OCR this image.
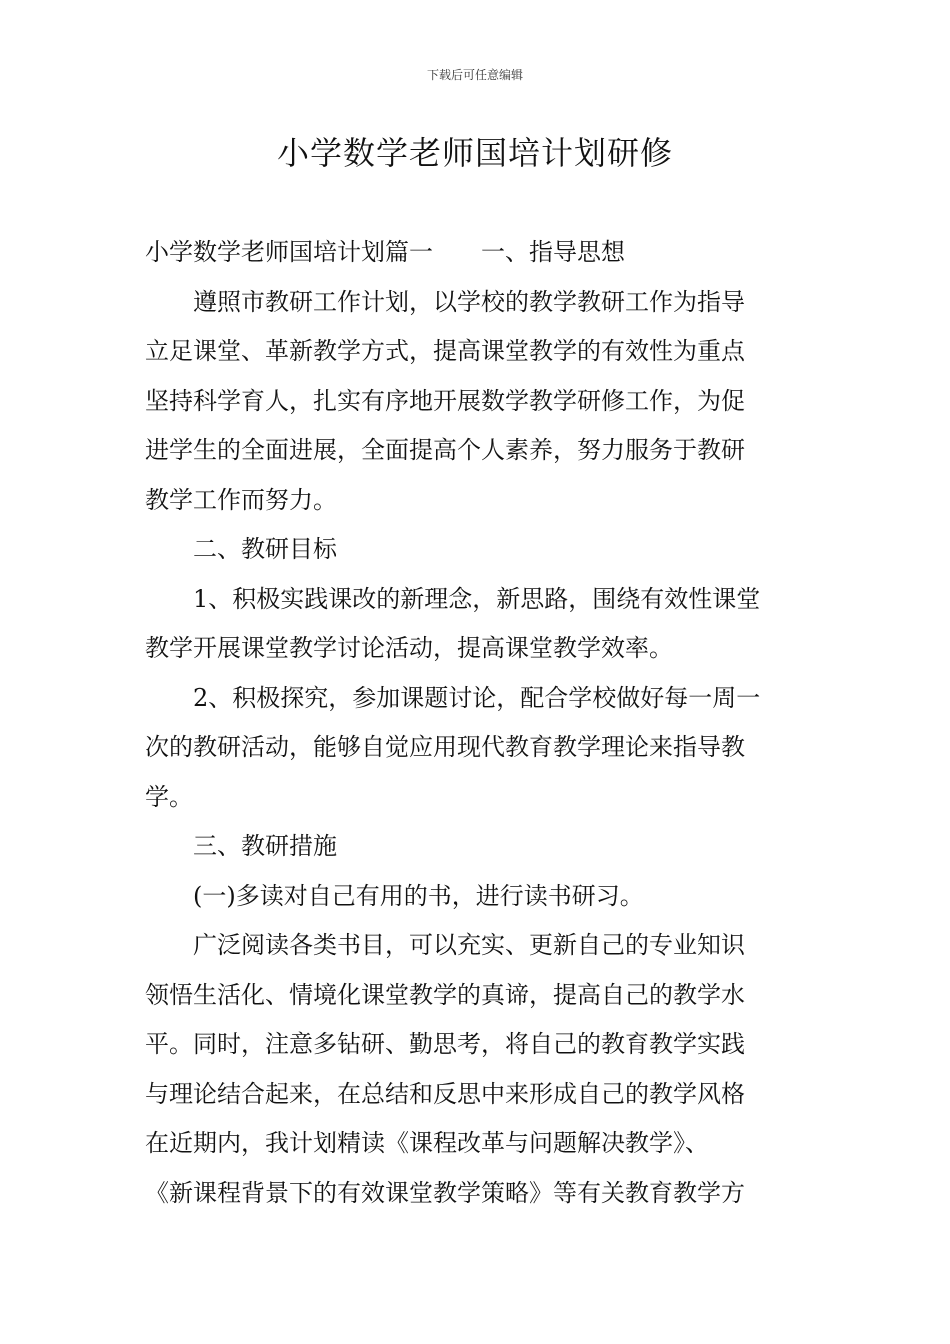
下载后可任意编辑
小学数学老师国培计划研修
小学数学老师国培计划篇一 一、指导思想
遵照市教研工作计划，以学校的教学教研工作为指导
立足课堂、革新教学方式，提高课堂教学的有效性为重点
坚持科学育人，扎实有序地开展数学教学研修工作，为促
进学生的全面进展，全面提高个人素养，努力服务于教研
教学工作而努力。
二、教研目标
1、积极实践课改的新理念，新思路，围绕有效性课堂
教学开展课堂教学讨论活动，提高课堂教学效率。
2、积极探究，参加课题讨论，配合学校做好每一周一
次的教研活动，能够自觉应用现代教育教学理论来指导教
学。
三、教研措施
(一)多读对自己有用的书，进行读书研习。
广泛阅读各类书目，可以充实、更新自己的专业知识
领悟生活化、情境化课堂教学的真谛，提高自己的教学水
平。同时，注意多钻研、勤思考，将自己的教育教学实践
与理论结合起来，在总结和反思中来形成自己的教学风格
在近期内，我计划精读《课程改革与问题解决教学》、
《新课程背景下的有效课堂教学策略》等有关教育教学方
